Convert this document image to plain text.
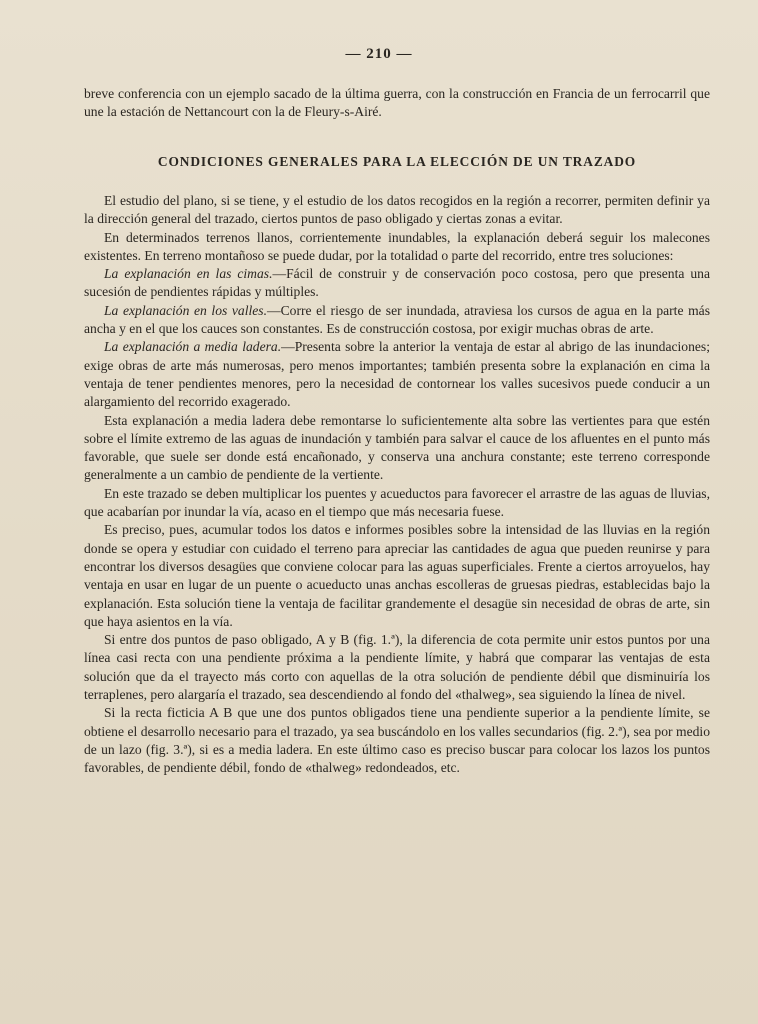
— 210 —

breve conferencia con un ejemplo sacado de la última guerra, con la construcción en Francia de un ferrocarril que une la estación de Nettancourt con la de Fleury-s-Airé.

CONDICIONES GENERALES PARA LA ELECCIÓN DE UN TRAZADO

El estudio del plano, si se tiene, y el estudio de los datos recogidos en la región a recorrer, permiten definir ya la dirección general del trazado, ciertos puntos de paso obligado y ciertas zonas a evitar.

En determinados terrenos llanos, corrientemente inundables, la explanación deberá seguir los malecones existentes. En terreno montañoso se puede dudar, por la totalidad o parte del recorrido, entre tres soluciones:

La explanación en las cimas.—Fácil de construir y de conservación poco costosa, pero que presenta una sucesión de pendientes rápidas y múltiples.

La explanación en los valles.—Corre el riesgo de ser inundada, atraviesa los cursos de agua en la parte más ancha y en el que los cauces son constantes. Es de construcción costosa, por exigir muchas obras de arte.

La explanación a media ladera.—Presenta sobre la anterior la ventaja de estar al abrigo de las inundaciones; exige obras de arte más numerosas, pero menos importantes; también presenta sobre la explanación en cima la ventaja de tener pendientes menores, pero la necesidad de contornear los valles sucesivos puede conducir a un alargamiento del recorrido exagerado.

Esta explanación a media ladera debe remontarse lo suficientemente alta sobre las vertientes para que estén sobre el límite extremo de las aguas de inundación y también para salvar el cauce de los afluentes en el punto más favorable, que suele ser donde está encañonado, y conserva una anchura constante; este terreno corresponde generalmente a un cambio de pendiente de la vertiente.

En este trazado se deben multiplicar los puentes y acueductos para favorecer el arrastre de las aguas de lluvias, que acabarían por inundar la vía, acaso en el tiempo que más necesaria fuese.

Es preciso, pues, acumular todos los datos e informes posibles sobre la intensidad de las lluvias en la región donde se opera y estudiar con cuidado el terreno para apreciar las cantidades de agua que pueden reunirse y para encontrar los diversos desagües que conviene colocar para las aguas superficiales. Frente a ciertos arroyuelos, hay ventaja en usar en lugar de un puente o acueducto unas anchas escolleras de gruesas piedras, establecidas bajo la explanación. Esta solución tiene la ventaja de facilitar grandemente el desagüe sin necesidad de obras de arte, sin que haya asientos en la vía.

Si entre dos puntos de paso obligado, A y B (fig. 1.ª), la diferencia de cota permite unir estos puntos por una línea casi recta con una pendiente próxima a la pendiente límite, y habrá que comparar las ventajas de esta solución que da el trayecto más corto con aquellas de la otra solución de pendiente débil que disminuiría los terraplenes, pero alargaría el trazado, sea descendiendo al fondo del «thalweg», sea siguiendo la línea de nivel.

Si la recta ficticia A B que une dos puntos obligados tiene una pendiente superior a la pendiente límite, se obtiene el desarrollo necesario para el trazado, ya sea buscándolo en los valles secundarios (fig. 2.ª), sea por medio de un lazo (fig. 3.ª), si es a media ladera. En este último caso es preciso buscar para colocar los lazos los puntos favorables, de pendiente débil, fondo de «thalweg» redondeados, etc.
